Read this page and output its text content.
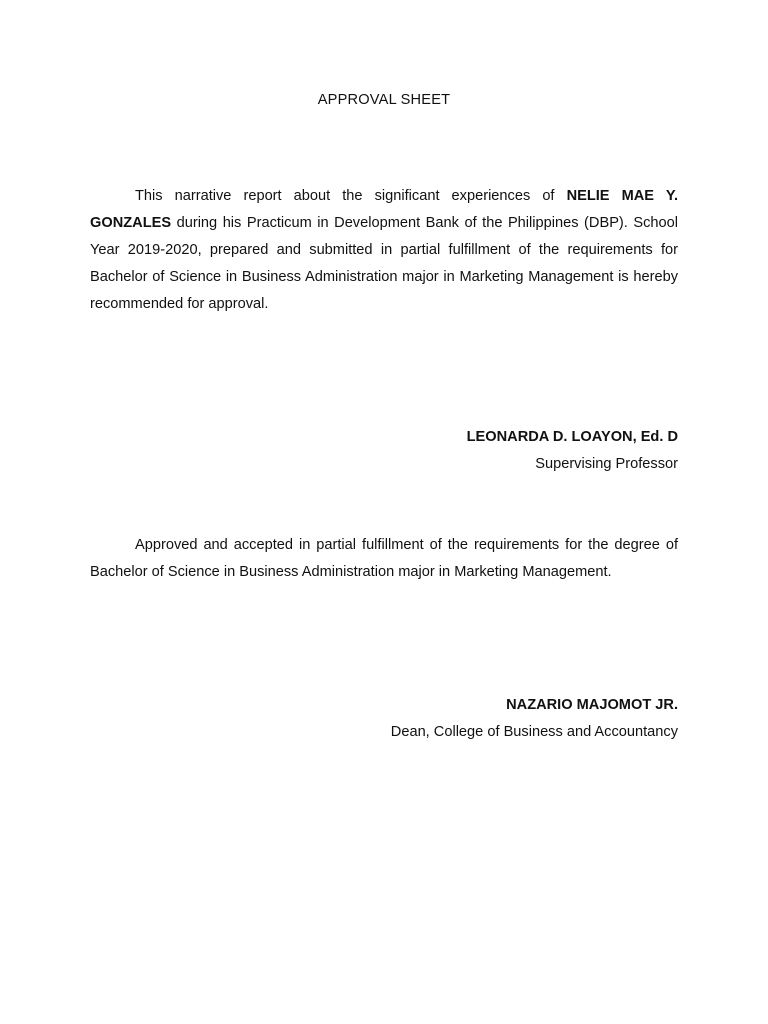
APPROVAL SHEET

This narrative report about the significant experiences of NELIE MAE Y. GONZALES during his Practicum in Development Bank of the Philippines (DBP). School Year 2019-2020, prepared and submitted in partial fulfillment of the requirements for Bachelor of Science in Business Administration major in Marketing Management is hereby recommended for approval.

LEONARDA D. LOAYON, Ed. D
Supervising Professor

Approved and accepted in partial fulfillment of the requirements for the degree of Bachelor of Science in Business Administration major in Marketing Management.

NAZARIO MAJOMOT JR.
Dean, College of Business and Accountancy
